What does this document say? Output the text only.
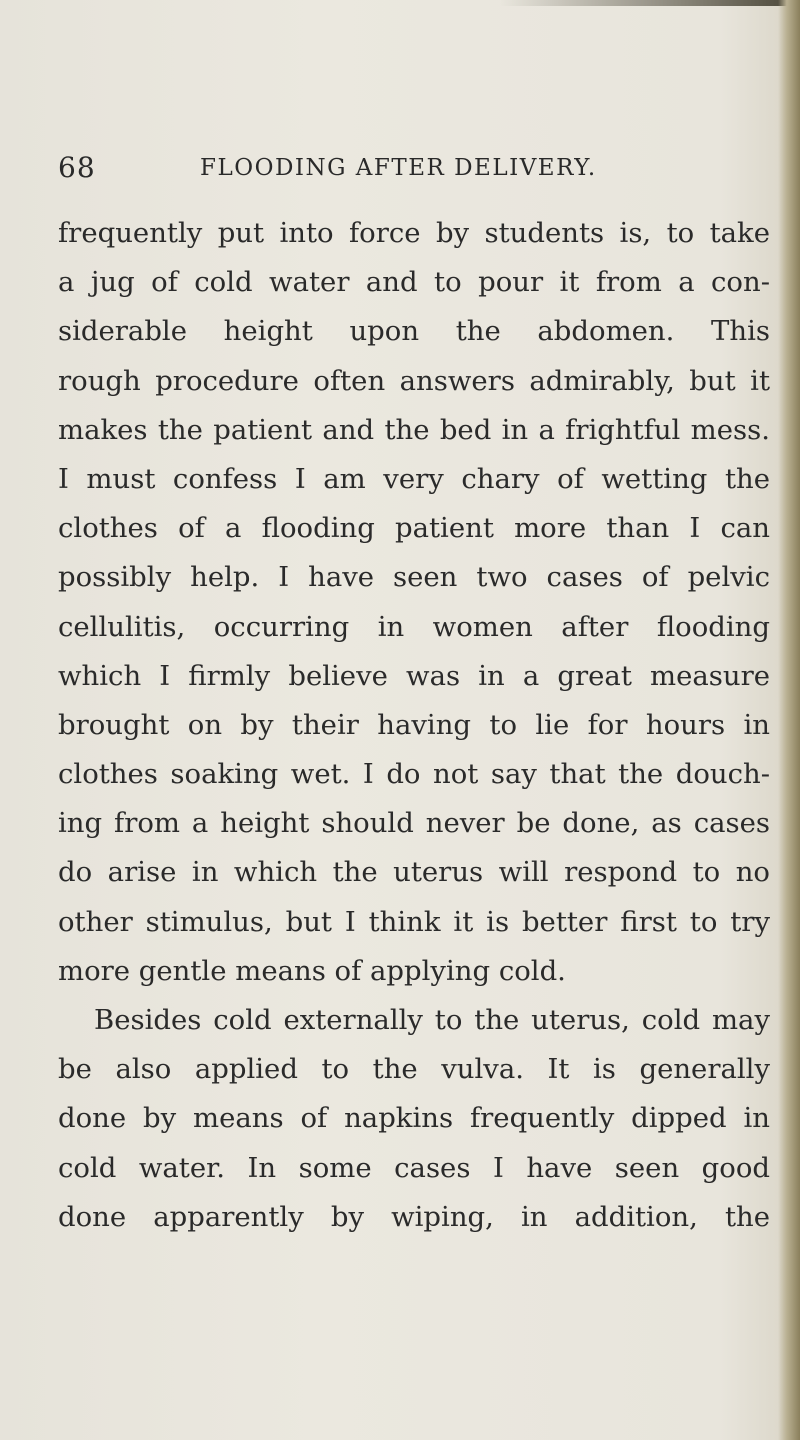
68	FLOODING AFTER DELIVERY.
frequently put into force by students is, to take
a jug of cold water and to pour it from a con-
siderable height upon the abdomen. This
rough procedure often answers admirably, but it
makes the patient and the bed in a frightful mess.
I must confess I am very chary of wetting the
clothes of a flooding patient more than I can
possibly help. I have seen two cases of pelvic
cellulitis, occurring in women after flooding
which I firmly believe was in a great measure
brought on by their having to lie for hours in
clothes soaking wet. I do not say that the douch-
ing from a height should never be done, as cases
do arise in which the uterus will respond to no
other stimulus, but I think it is better first to try
more gentle means of applying cold.
Besides cold externally to the uterus, cold may
be also applied to the vulva. It is generally
done by means of napkins frequently dipped in
cold water. In some cases I have seen good
done apparently by wiping, in addition, the
